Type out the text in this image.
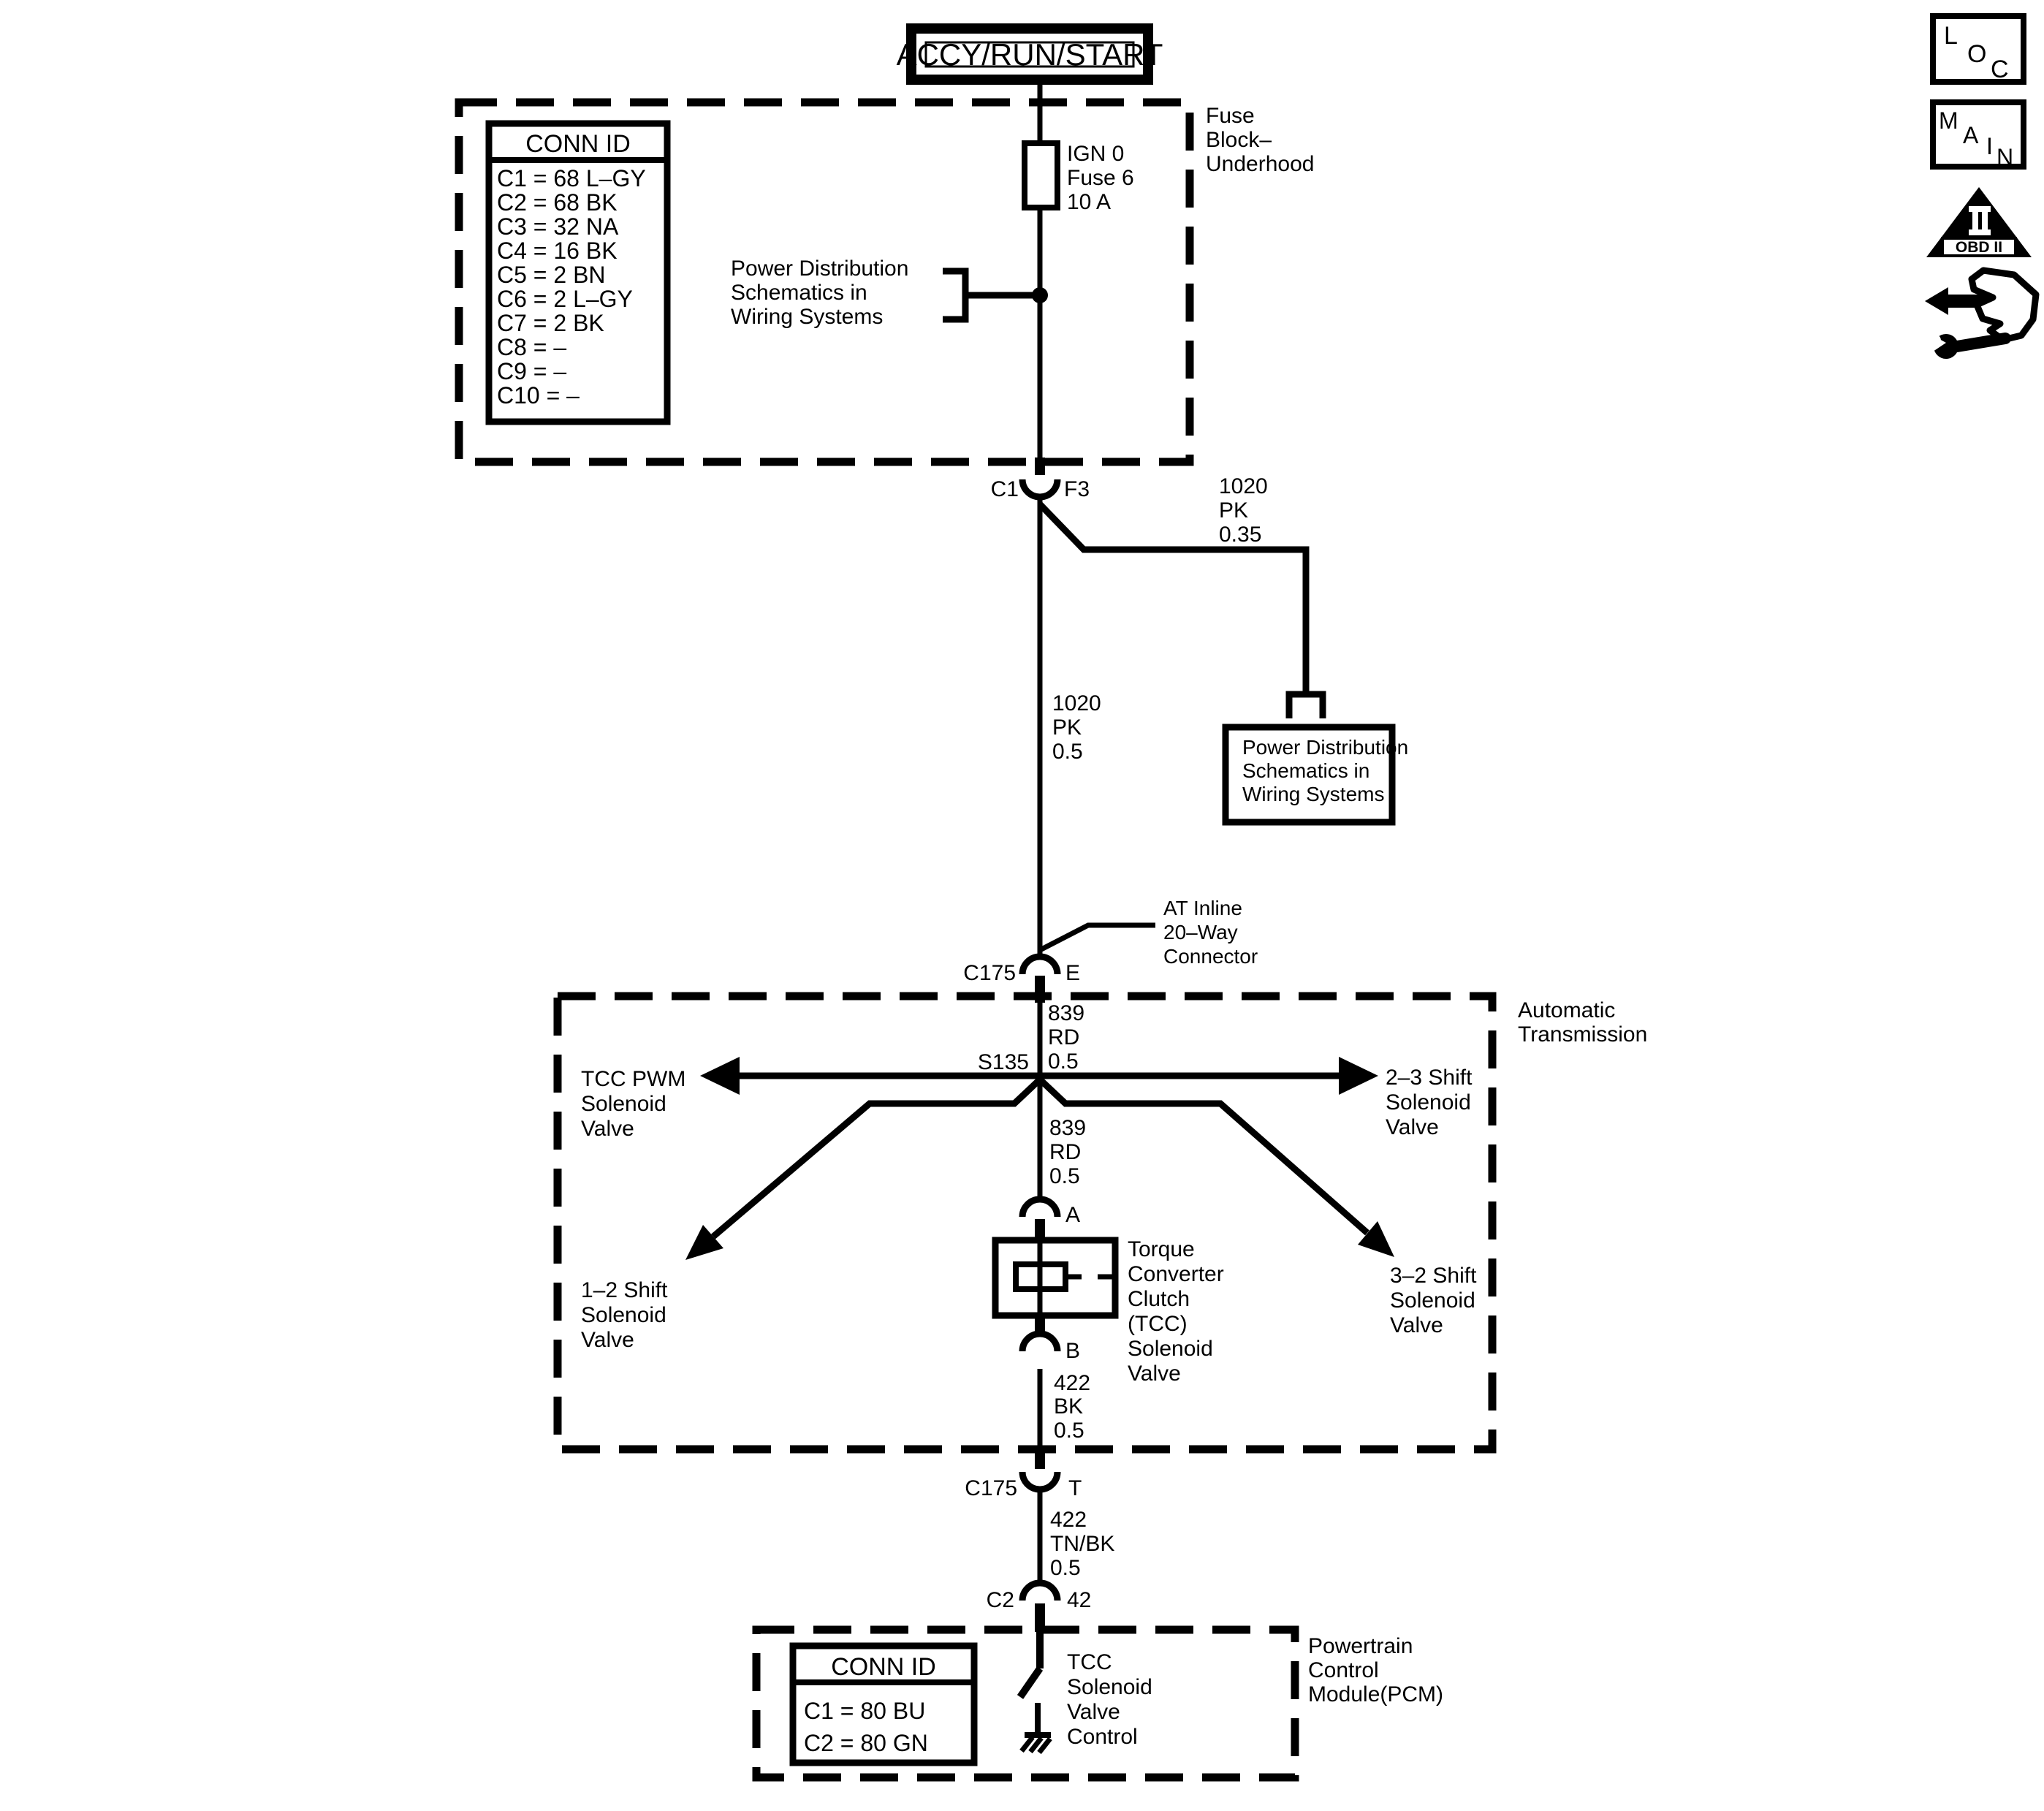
ACCY/RUN/START
Fuse
Block–
Underhood
CONN ID
C1 = 68 L–GY
C2 = 68 BK
C3 = 32 NA
C4 = 16 BK
C5 = 2 BN
C6 = 2 L–GY
C7 = 2 BK
C8 = –
C9 = –
C10 = –
IGN 0
Fuse 6
10 A
Power Distribution
Schematics in
Wiring Systems
C1 F3	1020
PK
0.35
Power Distribution
Schematics in
Wiring Systems
1020
PK
0.5
AT Inline
20–Way
Connector
C175 E
Automatic
Transmission
839
RD
0.5
S135
TCC PWM
Solenoid
Valve
2–3 Shift
Solenoid
Valve
1–2 Shift
Solenoid
Valve
3–2 Shift
Solenoid
Valve
839
RD
0.5
A
Torque
Converter
Clutch
(TCC)
Solenoid
Valve
B
422
BK
0.5
C175 T
422
TN/BK
0.5
C2 42
Powertrain
Control
Module(PCM)
CONN ID
C1 = 80 BU
C2 = 80 GN
TCC
Solenoid
Valve
Control
L
O
C
M
A I N
OBD II
